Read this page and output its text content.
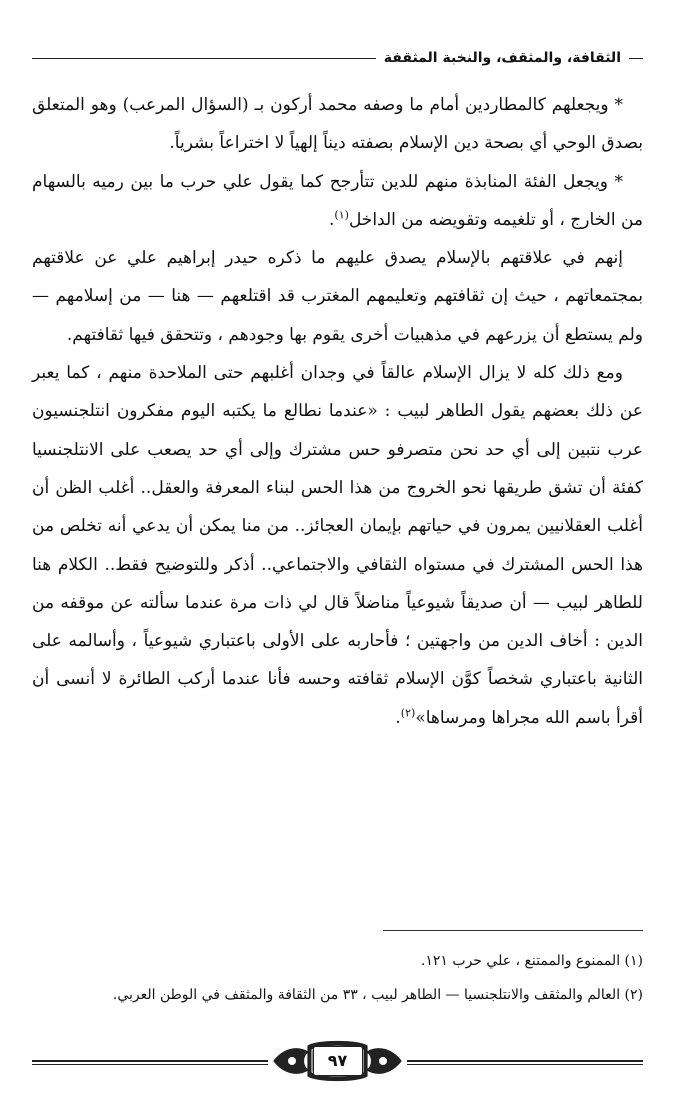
الثقافة، والمثقف، والنخبة المثقفة

* ويجعلهم كالمطاردين أمام ما وصفه محمد أركون بـ (السؤال المرعب) وهو المتعلق بصدق الوحي أي بصحة دين الإسلام بصفته ديناً إلهياً لا اختراعاً بشرياً.

* ويجعل الفئة المنابذة منهم للدين تتأرجح كما يقول علي حرب ما بين رميه بالسهام من الخارج ، أو تلغيمه وتقويضه من الداخل$^{(١)}$.

إنهم في علاقتهم بالإسلام يصدق عليهم ما ذكره حيدر إبراهيم علي عن علاقتهم بمجتمعاتهم ، حيث إن ثقافتهم وتعليمهم المغترب قد اقتلعهم — هنا — من إسلامهم — ولم يستطع أن يزرعهم في مذهبيات أخرى يقوم بها وجودهم ، وتتحقق فيها ثقافتهم.

ومع ذلك كله لا يزال الإسلام عالقاً في وجدان أغلبهم حتى الملاحدة منهم ، كما يعبر عن ذلك بعضهم يقول الطاهر لبيب : «عندما نطالع ما يكتبه اليوم مفكرون انتلجنسيون عرب نتبين إلى أي حد نحن متصرفو حس مشترك وإلى أي حد يصعب على الانتلجنسيا كفئة أن تشق طريقها نحو الخروج من هذا الحس لبناء المعرفة والعقل.. أغلب الظن أن أغلب العقلانيين يمرون في حياتهم بإيمان العجائز.. من منا يمكن أن يدعي أنه تخلص من هذا الحس المشترك في مستواه الثقافي والاجتماعي.. أذكر وللتوضيح فقط.. الكلام هنا للطاهر لبيب — أن صديقاً شيوعياً مناضلاً قال لي ذات مرة عندما سألته عن موقفه من الدين : أخاف الدين من واجهتين ؛ فأحاربه على الأولى باعتباري شيوعياً ، وأسالمه على الثانية باعتباري شخصاً كوَّن الإسلام ثقافته وحسه فأنا عندما أركب الطائرة لا أنسى أن أقرأ باسم الله مجراها ومرساها»$^{(٢)}$.

(١) الممنوع والممتنع ، علي حرب ١٢١.

(٢) العالم والمثقف والانتلجنسيا — الطاهر لبيب ، ٣٣ من الثقافة والمثقف في الوطن العربي.

٩٧
